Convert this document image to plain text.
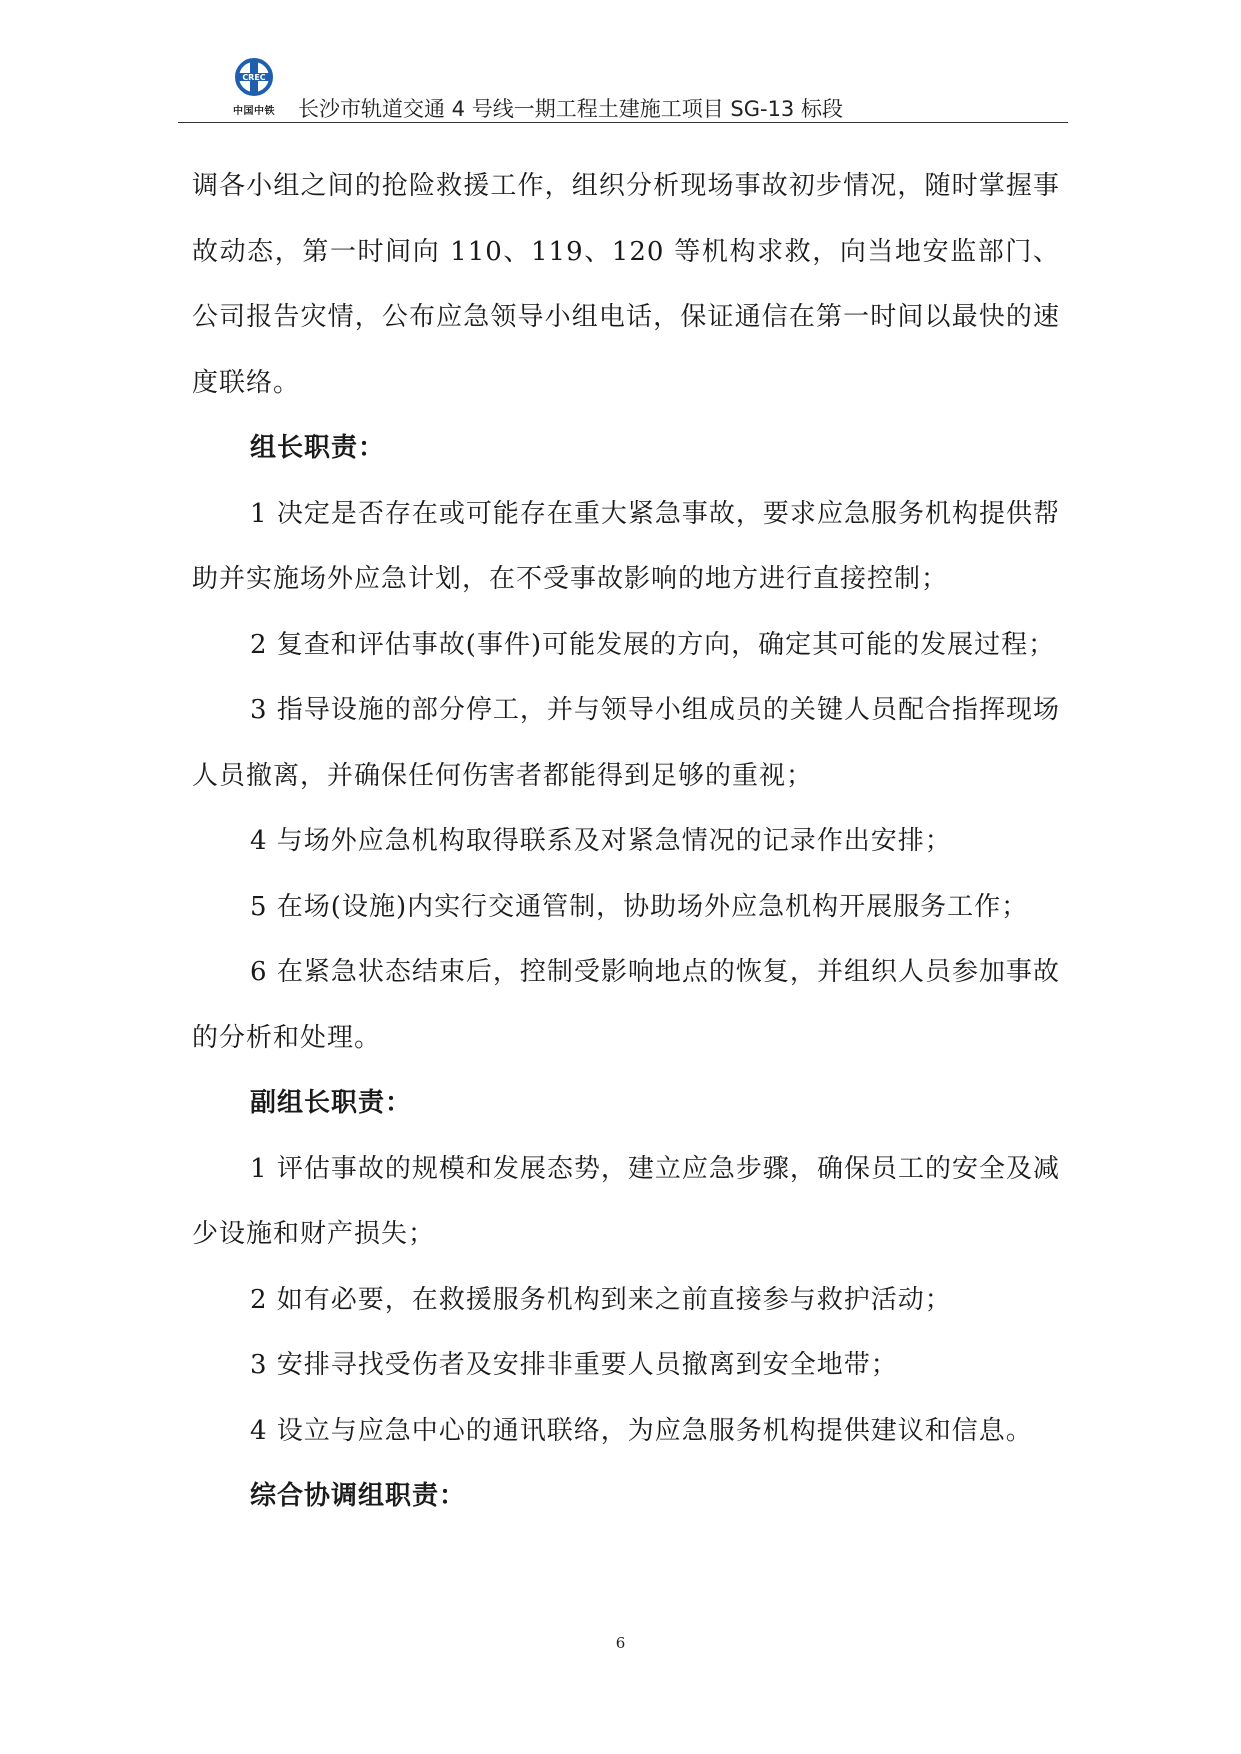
CREC
中国中铁	长沙市轨道交通 4 号线一期工程土建施工项目 SG-13 标段

调各小组之间的抢险救援工作，组织分析现场事故初步情况，随时掌握事故动态，第一时间向 110、119、120 等机构求救，向当地安监部门、公司报告灾情，公布应急领导小组电话，保证通信在第一时间以最快的速度联络。

组长职责：

1 决定是否存在或可能存在重大紧急事故，要求应急服务机构提供帮助并实施场外应急计划，在不受事故影响的地方进行直接控制；

2 复查和评估事故(事件)可能发展的方向，确定其可能的发展过程；

3 指导设施的部分停工，并与领导小组成员的关键人员配合指挥现场人员撤离，并确保任何伤害者都能得到足够的重视；

4 与场外应急机构取得联系及对紧急情况的记录作出安排；

5 在场(设施)内实行交通管制，协助场外应急机构开展服务工作；

6 在紧急状态结束后，控制受影响地点的恢复，并组织人员参加事故的分析和处理。

副组长职责：

1 评估事故的规模和发展态势，建立应急步骤，确保员工的安全及减少设施和财产损失；

2 如有必要，在救援服务机构到来之前直接参与救护活动；

3 安排寻找受伤者及安排非重要人员撤离到安全地带；

4 设立与应急中心的通讯联络，为应急服务机构提供建议和信息。

综合协调组职责：

6
